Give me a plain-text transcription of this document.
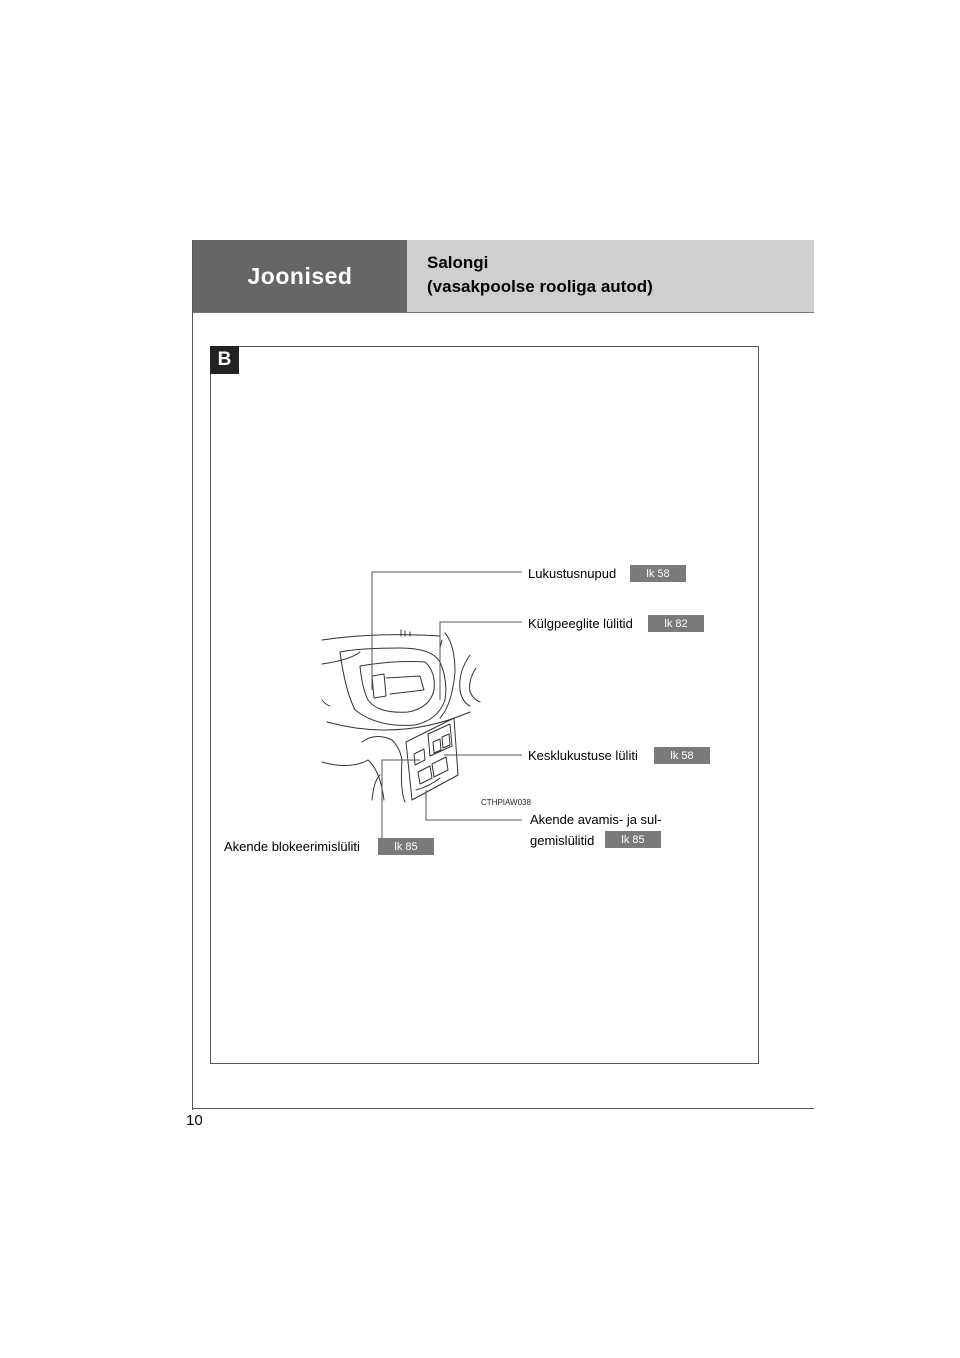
Joonised
Salongi
(vasakpoolse rooliga autod)
B
Lukustusnupud	lk 58
Külgpeeglite lülitid	lk 82
Kesklukustuse lüliti	lk 58
Akende avamis- ja sul-
gemislülitid	lk 85
Akende blokeerimislüliti	lk 85
CTHPIAW038
10
